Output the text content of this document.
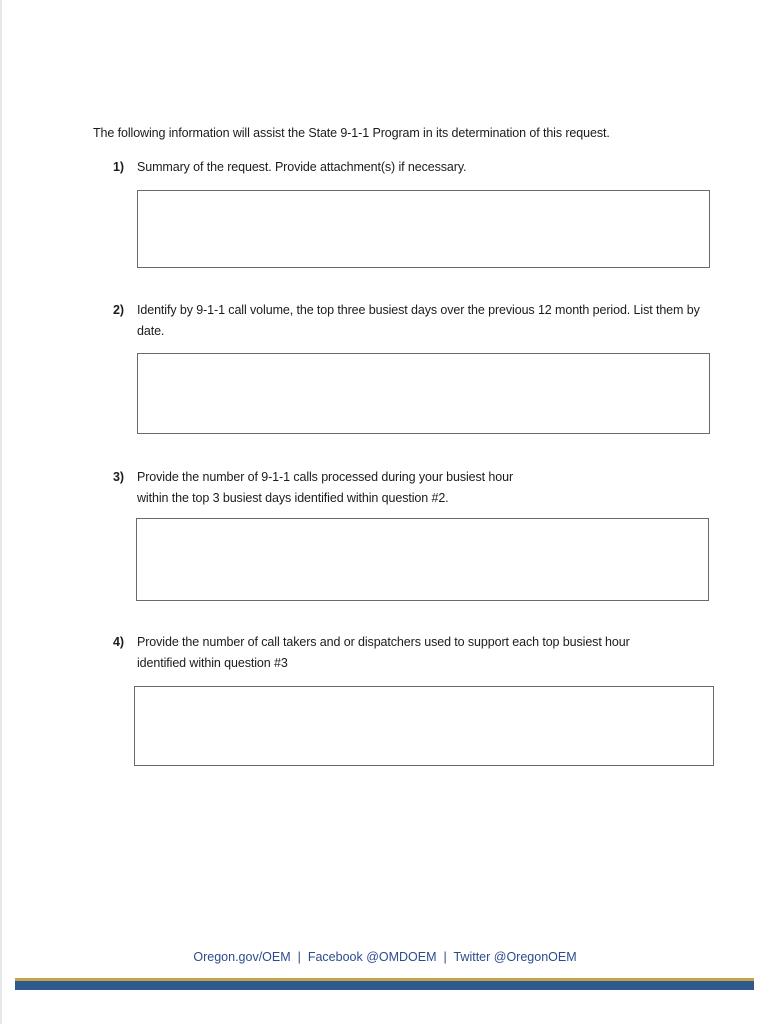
The following information will assist the State 9-1-1 Program in its determination of this request.
1) Summary of the request. Provide attachment(s) if necessary.
2) Identify by 9-1-1 call volume, the top three busiest days over the previous 12 month period. List them by date.
3) Provide the number of 9-1-1 calls processed during your busiest hour within the top 3 busiest days identified within question #2.
4) Provide the number of call takers and or dispatchers used to support each top busiest hour identified within question #3
Oregon.gov/OEM | Facebook @OMDOEM | Twitter @OregonOEM
